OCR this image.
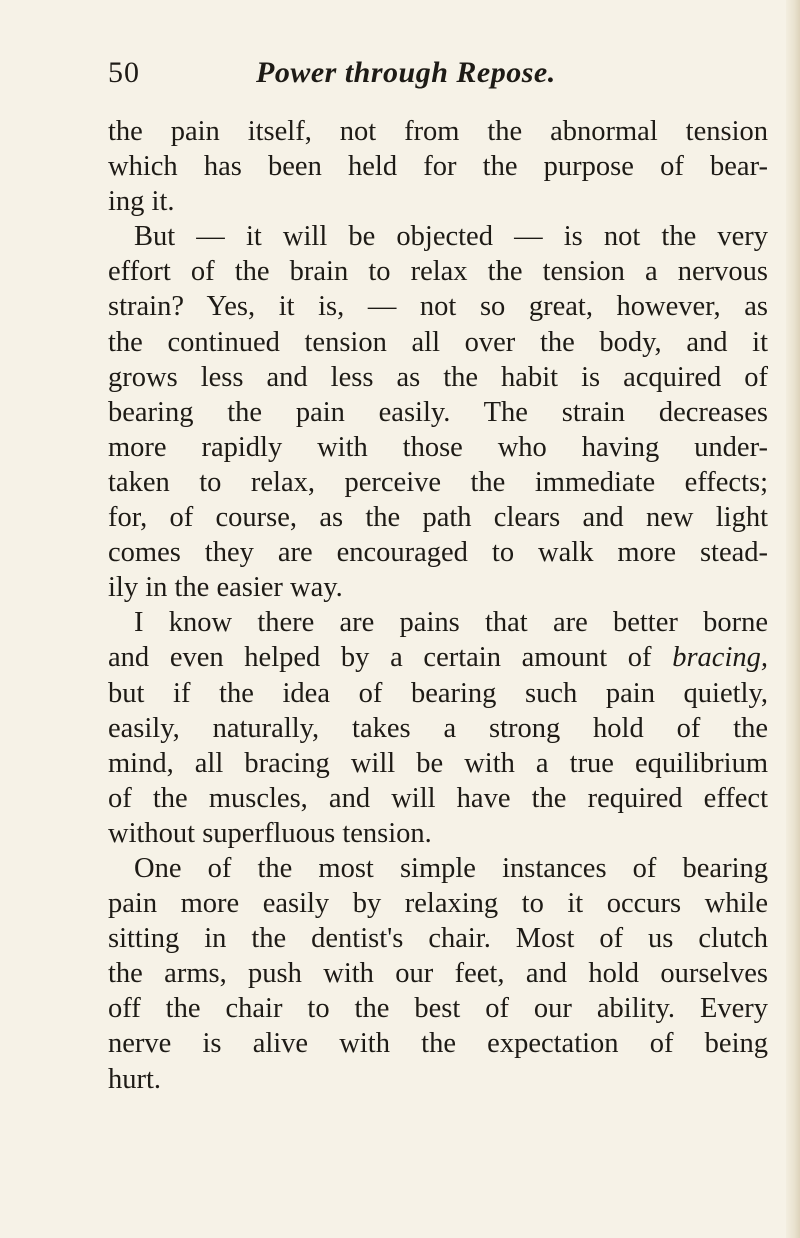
50	Power through Repose.
the pain itself, not from the abnormal tension
which has been held for the purpose of bear-
ing it.
But — it will be objected — is not the very
effort of the brain to relax the tension a nervous
strain? Yes, it is, — not so great, however, as
the continued tension all over the body, and it
grows less and less as the habit is acquired of
bearing the pain easily. The strain decreases
more rapidly with those who having under-
taken to relax, perceive the immediate effects;
for, of course, as the path clears and new light
comes they are encouraged to walk more stead-
ily in the easier way.
I know there are pains that are better borne
and even helped by a certain amount of bracing,
but if the idea of bearing such pain quietly,
easily, naturally, takes a strong hold of the
mind, all bracing will be with a true equilibrium
of the muscles, and will have the required effect
without superfluous tension.
One of the most simple instances of bearing
pain more easily by relaxing to it occurs while
sitting in the dentist's chair. Most of us clutch
the arms, push with our feet, and hold ourselves
off the chair to the best of our ability. Every
nerve is alive with the expectation of being
hurt.
